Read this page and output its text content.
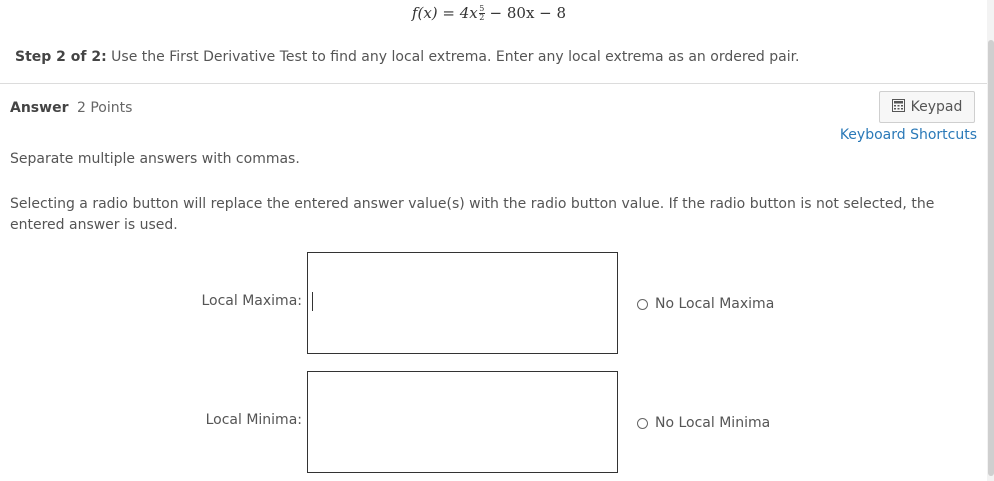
f(x) = 4x $^{\frac{5}{2}}$ − 80x − 8
Step 2 of 2: Use the First Derivative Test to find any local extrema. Enter any local extrema as an ordered pair.
Answer 2 Points	Keypad
Keyboard Shortcuts
Separate multiple answers with commas.
Selecting a radio button will replace the entered answer value(s) with the radio button value. If the radio button is not selected, the entered answer is used.
Local Maxima:	No Local Maxima
Local Minima:	No Local Minima
